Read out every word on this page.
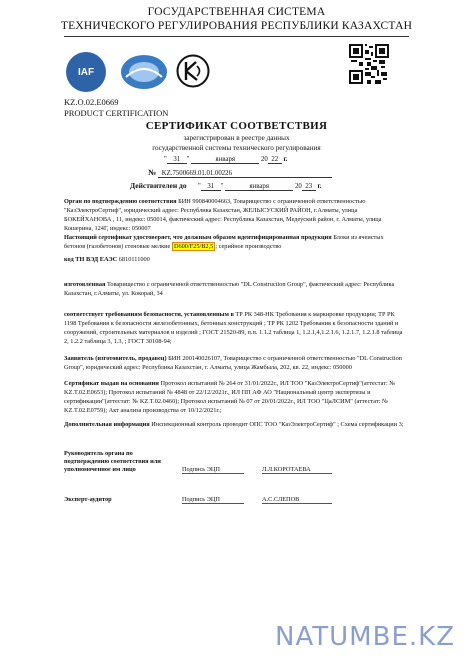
ГОСУДАРСТВЕННАЯ СИСТЕМА
ТЕХНИЧЕСКОГО РЕГУЛИРОВАНИЯ РЕСПУБЛИКИ КАЗАХСТАН
IAF
KZ.O.02.E0669
PRODUCT CERTIFICATION
СЕРТИФИКАТ СООТВЕТСТВИЯ
зарегистрирован в реестре данных
государственной системы технического регулирования
" 31 "	января	20 22 г.
№ KZ.7500669.01.01.00226
Действителен до  " 31 "	января	20 23 г.
Орган по подтверждению соответствия БИН 990840004663, Товарищество с ограниченной ответственностью "КазЭлектроСертиф", юридический адрес: Республика Казахстан, ЖЕЛЫСУСКИЙ РАЙОН, г.Алматы, улица БОКЕЙХАНОВА , 11, индекс: 050014, фактический адрес: Республика Казахстан, Медеуский район, г. Алматы, улица Кошерина, 124Г, индекс: 050007
Настоящий сертификат удостоверяет, что должным образом идентифицированная продукция Блоки из ячеистых бетонов (газобетонов) стеновые мелкие D600/F25/B2,5 ; серийное производство
код ТН ВЭД ЕАЭС 6810111000
изготовленная Товарищество с ограниченной ответственностью "DL Construction Group", фактический адрес: Республика Казахстан, г.Алматы, ул. Кокорай, 34
соответствует требованиям безопасности, установленным в ТР РК 348-НК Требования к маркировке продукции; ТР РК 1198 Требования к безопасности железобетонных, бетонных конструкций ; ТР РК 1202 Требования к безопасности зданий и сооружений, строительных материалов и изделий ; ГОСТ 21520-89, п.п. 1.1.2 таблица 1, 1.2.1,4,1.2.1.6, 1.2.1.7, 1.2.1.8 таблица 2, 1.2.2 таблица 3, 1.3, ; ГОСТ 30108-94;
Заявитель (изготовитель, продавец) БИН 200140026107, Товарищество с ограниченной ответственностью "DL Construction Group", юридический адрес: Республика Казахстан, г. Алматы, улица Жамбыла, 202, кв. 22, индекс: 050000
Сертификат выдан на основании Протокол испытаний № 264 от 31/01/2022г., ИЛ ТОО "КазЭлектроСертиф"(аттестат: № KZ.T.02.E0653); Протокол испытаний № 4848 от 22/12/2021г., ИЛ ПП АФ АО "Национальный центр экспертизы и сертификации"(аттестат: № KZ.T.02.0460); Протокол испытаний № 07 от 20/01/2022г., ИЛ ТОО "ЦаЛСИМ" (аттестат: № KZ.T.02.E0759); Акт анализа производства от 10/12/2021г.;
Дополнительная информация Инспекционный контроль проводит ОПС ТОО "КазЭлектроСертиф" ; Схема сертификации 3;
Руководитель органа по
подтверждению соответствия или
уполномоченное им лицо	Подпись ЭЦП	Л.Л.КОРОТАЕВА
Эксперт-аудитор	Подпись ЭЦП	А.С.СЛЕПОВ
NATUMBE.KZ
